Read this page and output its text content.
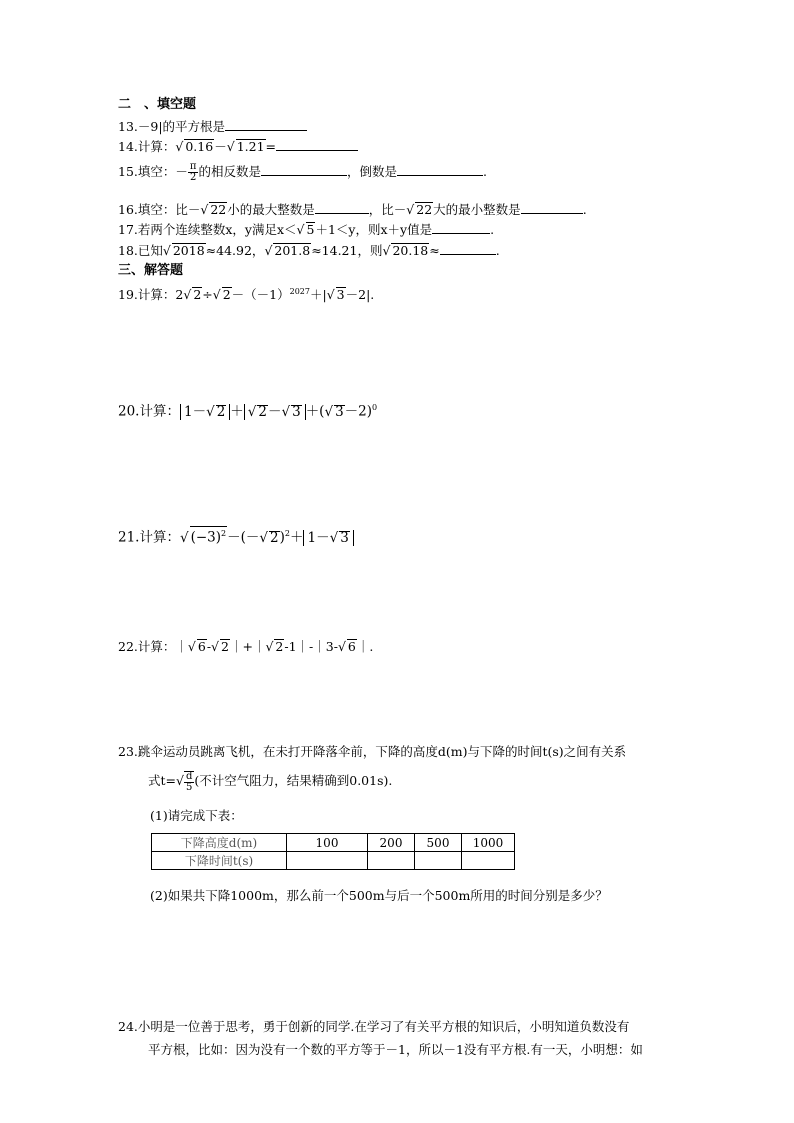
二　、填空题
13.－9|的平方根是
14.计算：√ 0.16－√ 1.21=
15.填空：－ $\frac{\pi}{2}$ 的相反数是	，倒数是	.
16.填空：比－√ 22小的最大整数是	，比－√ 22大的最小整数是	.
17.若两个连续整数x，y满足x＜√ 5＋1＜y，则x＋y值是	.
18.已知√ 2018≈44.92，√ 201.8≈14.21，则√ 20.18≈	.
三、解答题
19.计算：2√ 2÷√ $2-(-1)^{2027}+|√$ 3－2|.
20.计算： 1－√ 2 ＋ √ 2－√ 3 ＋(√ 3－2)$^0$
21.计算：√ $(-3)^2-(-√$ 2)$^2$＋ 1－√ 3
22.计算：｜√ 6-√ 2｜+｜√ 2-1｜-｜3-√ 6｜.
23.跳伞运动员跳离飞机，在未打开降落伞前，下降的高度d(m)与下降的时间t(s)之间有关系
式$t=√ \frac{d}{5}$ (不计空气阻力，结果精确到0.01s).
(1)请完成下表：
下降高度d(m)	100	200	500	1000
下降时间t(s)				
(2)如果共下降1000m，那么前一个500m与后一个500m所用的时间分别是多少？
24.小明是一位善于思考，勇于创新的同学.在学习了有关平方根的知识后，小明知道负数没有
平方根，比如：因为没有一个数的平方等于－1，所以－1没有平方根.有一天，小明想：如
